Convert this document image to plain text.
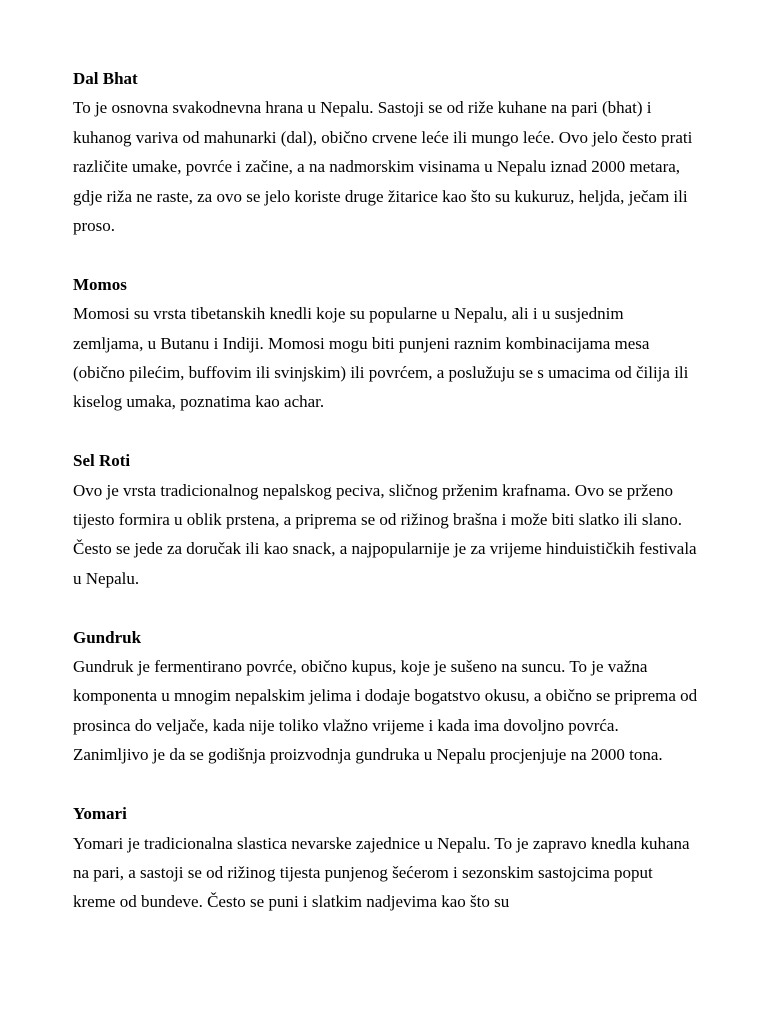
Dal Bhat

To je osnovna svakodnevna hrana u Nepalu. Sastoji se od riže kuhane na pari (bhat) i kuhanog variva od mahunarki (dal), obično crvene leće ili mungo leće. Ovo jelo često prati različite umake, povrće i začine, a na nadmorskim visinama u Nepalu iznad 2000 metara, gdje riža ne raste, za ovo se jelo koriste druge žitarice kao što su kukuruz, heljda, ječam ili proso.

Momos

Momosi su vrsta tibetanskih knedli koje su popularne u Nepalu, ali i u susjednim zemljama, u Butanu i Indiji. Momosi mogu biti punjeni raznim kombinacijama mesa (obično pilećim, buffovim ili svinjskim) ili povrćem, a poslužuju se s umacima od čilija ili kiselog umaka, poznatima kao achar.

Sel Roti

Ovo je vrsta tradicionalnog nepalskog peciva, sličnog prženim krafnama. Ovo se prženo tijesto formira u oblik prstena, a priprema se od rižinog brašna i može biti slatko ili slano. Često se jede za doručak ili kao snack, a najpopularnije je za vrijeme hinduističkih festivala u Nepalu.

Gundruk

Gundruk je fermentirano povrće, obično kupus, koje je sušeno na suncu. To je važna komponenta u mnogim nepalskim jelima i dodaje bogatstvo okusu, a obično se priprema od prosinca do veljače, kada nije toliko vlažno vrijeme i kada ima dovoljno povrća. Zanimljivo je da se godišnja proizvodnja gundruka u Nepalu procjenjuje na 2000 tona.

Yomari

Yomari je tradicionalna slastica nevarske zajednice u Nepalu. To je zapravo knedla kuhana na pari, a sastoji se od rižinog tijesta punjenog šećerom i sezonskim sastojcima poput kreme od bundeve. Često se puni i slatkim nadjevima kao što su
